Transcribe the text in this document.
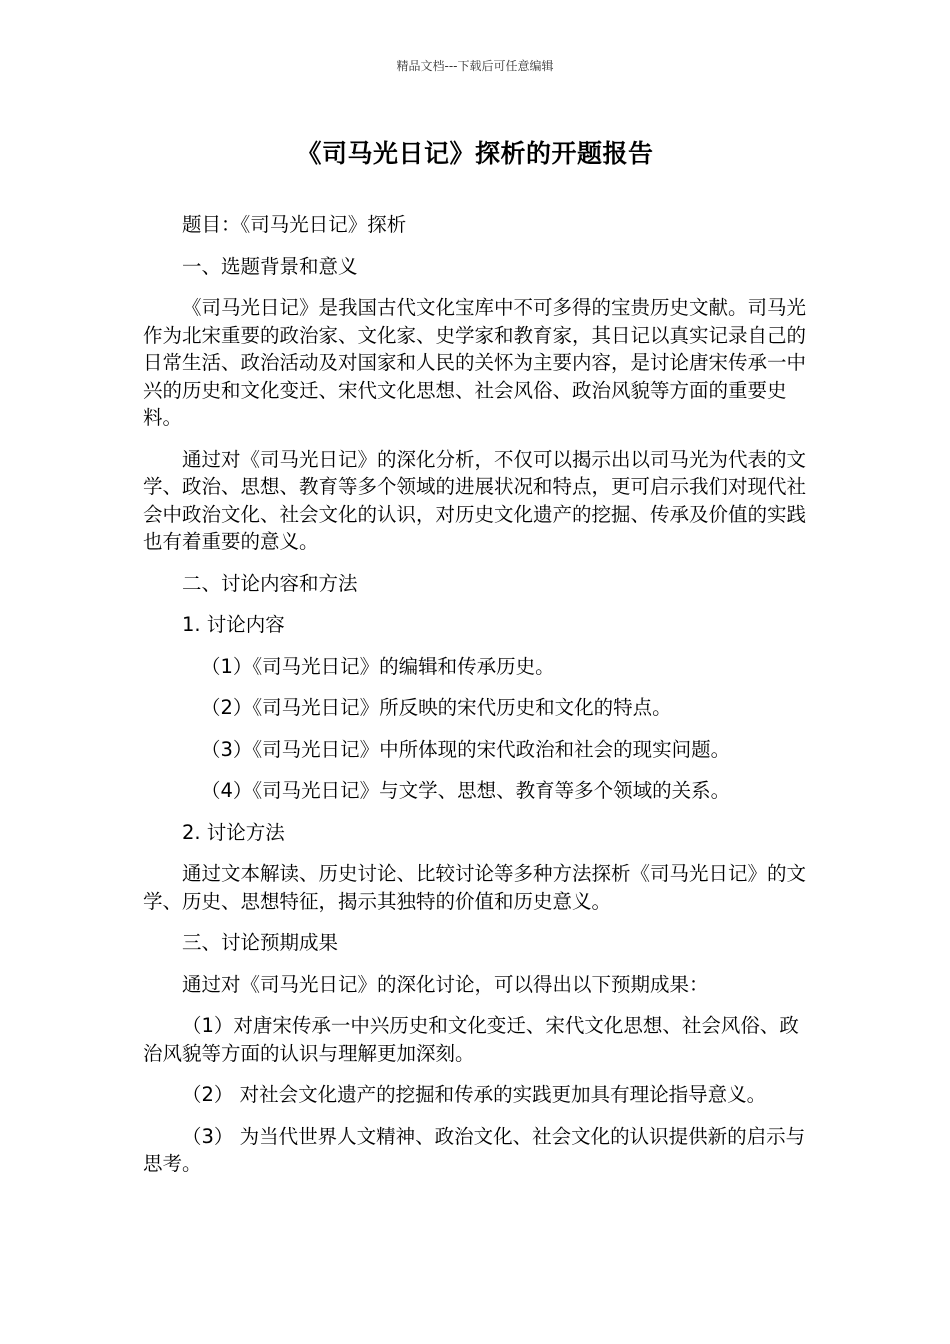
精品文档---下载后可任意编辑
《司马光日记》探析的开题报告

题目：《司马光日记》探析

一、选题背景和意义

《司马光日记》是我国古代文化宝库中不可多得的宝贵历史文献。司马光作为北宋重要的政治家、文化家、史学家和教育家，其日记以真实记录自己的日常生活、政治活动及对国家和人民的关怀为主要内容，是讨论唐宋传承一中兴的历史和文化变迁、宋代文化思想、社会风俗、政治风貌等方面的重要史料。

通过对《司马光日记》的深化分析，不仅可以揭示出以司马光为代表的文学、政治、思想、教育等多个领域的进展状况和特点，更可启示我们对现代社会中政治文化、社会文化的认识，对历史文化遗产的挖掘、传承及价值的实践也有着重要的意义。

二、讨论内容和方法

1. 讨论内容

（1）《司马光日记》的编辑和传承历史。

（2）《司马光日记》所反映的宋代历史和文化的特点。

（3）《司马光日记》中所体现的宋代政治和社会的现实问题。

（4）《司马光日记》与文学、思想、教育等多个领域的关系。

2. 讨论方法

通过文本解读、历史讨论、比较讨论等多种方法探析《司马光日记》的文学、历史、思想特征，揭示其独特的价值和历史意义。

三、讨论预期成果

通过对《司马光日记》的深化讨论，可以得出以下预期成果：

（1）对唐宋传承一中兴历史和文化变迁、宋代文化思想、社会风俗、政治风貌等方面的认识与理解更加深刻。

（2） 对社会文化遗产的挖掘和传承的实践更加具有理论指导意义。

（3） 为当代世界人文精神、政治文化、社会文化的认识提供新的启示与思考。
